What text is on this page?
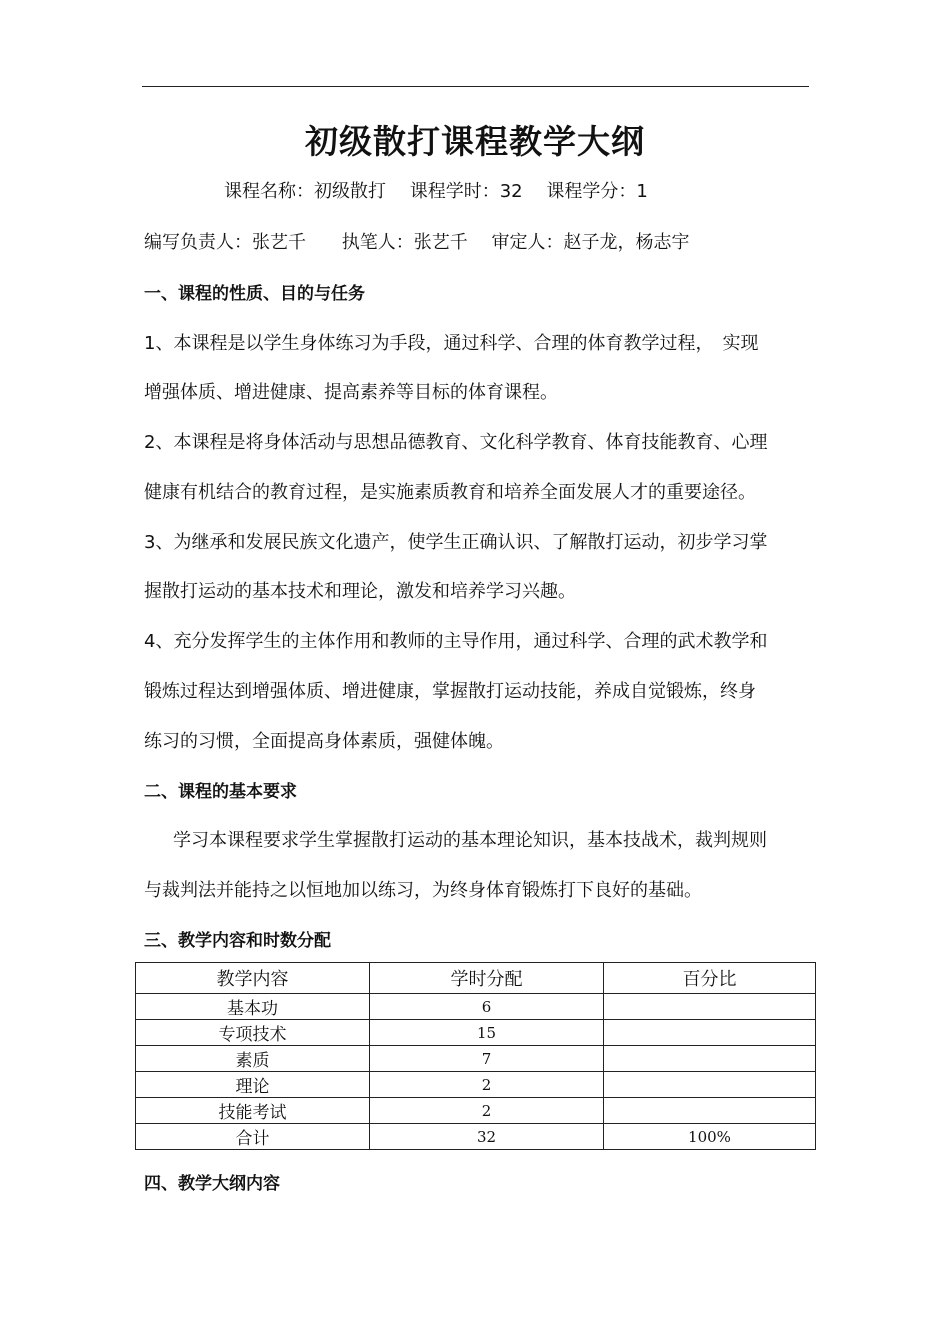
初级散打课程教学大纲
课程名称：初级散打 课程学时：32 课程学分：1
编写负责人：张艺千 执笔人：张艺千 审定人：赵子龙，杨志宇
一、课程的性质、目的与任务
1、本课程是以学生身体练习为手段，通过科学、合理的体育教学过程，　实现
增强体质、增进健康、提高素养等目标的体育课程。
2、本课程是将身体活动与思想品德教育、文化科学教育、体育技能教育、心理
健康有机结合的教育过程，是实施素质教育和培养全面发展人才的重要途径。
3、为继承和发展民族文化遗产，使学生正确认识、了解散打运动，初步学习掌
握散打运动的基本技术和理论，激发和培养学习兴趣。
4、充分发挥学生的主体作用和教师的主导作用，通过科学、合理的武术教学和
锻炼过程达到增强体质、增进健康，掌握散打运动技能，养成自觉锻炼，终身
练习的习惯，全面提高身体素质，强健体魄。
二、课程的基本要求
学习本课程要求学生掌握散打运动的基本理论知识，基本技战术，裁判规则
与裁判法并能持之以恒地加以练习，为终身体育锻炼打下良好的基础。
三、教学内容和时数分配
教学内容	学时分配	百分比
基本功	6	
专项技术	15	
素质	7	
理论	2	
技能考试	2	
合计	32	100%
四、教学大纲内容
